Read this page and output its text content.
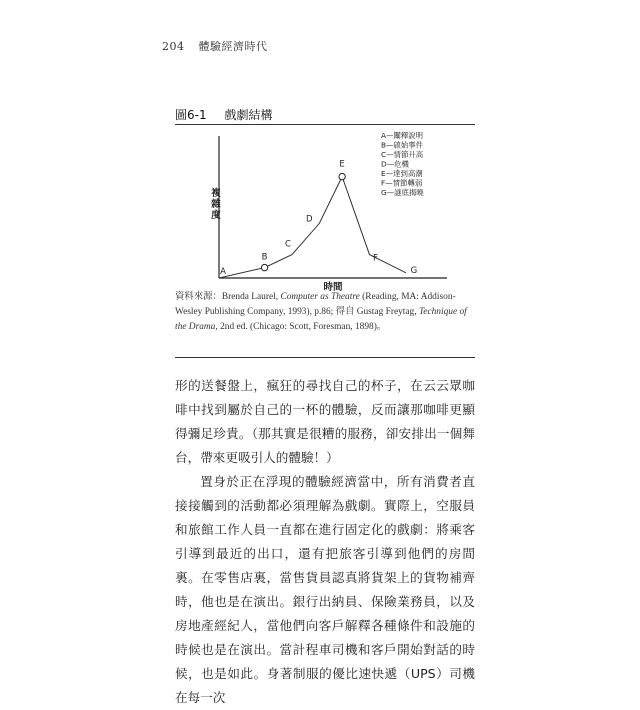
204 體驗經濟時代
圖6-1 戲劇結構
複雜度
時間
A
B
C
D
E
F
G
A—闡釋說明
B—啟始事件
C—情節升高
D—危機
E—達到高潮
F—情節轉弱
G—謎底揭曉
資料來源：Brenda Laurel, Computer as Theatre (Reading, MA: Addison-Wesley Publishing Company, 1993), p.86; 得自 Gustag Freytag, Technique of the Drama, 2nd ed. (Chicago: Scott, Foresman, 1898)。

形的送餐盤上，瘋狂的尋找自己的杯子，在云云眾咖啡中找到屬於自己的一杯的體驗，反而讓那咖啡更顯得彌足珍貴。（那其實是很糟的服務，卻安排出一個舞台，帶來更吸引人的體驗！）

置身於正在浮現的體驗經濟當中，所有消費者直接接觸到的活動都必須理解為戲劇。實際上，空服員和旅館工作人員一直都在進行固定化的戲劇：將乘客引導到最近的出口，還有把旅客引導到他們的房間裏。在零售店裏，當售貨員認真將貨架上的貨物補齊時，他也是在演出。銀行出納員、保險業務員，以及房地產經紀人，當他們向客戶解釋各種條件和設施的時候也是在演出。當計程車司機和客戶開始對話的時候，也是如此。身著制服的優比速快遞（UPS）司機在每一次
